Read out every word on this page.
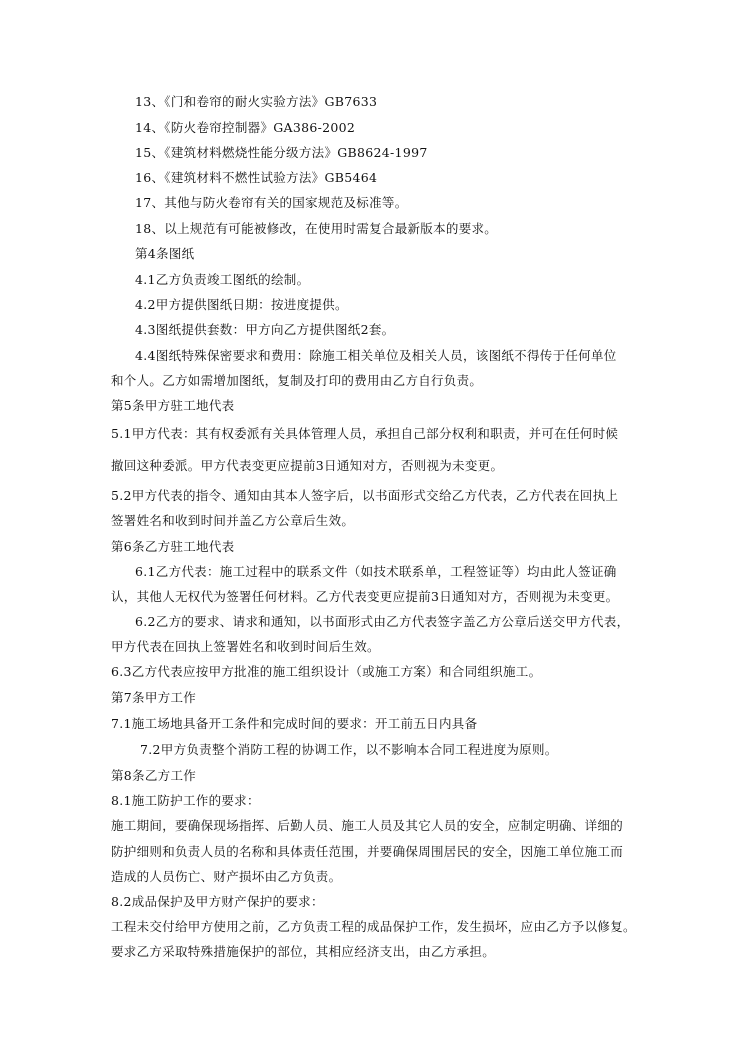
13、《门和卷帘的耐火实验方法》GB7633
14、《防火卷帘控制器》GA386-2002
15、《建筑材料燃烧性能分级方法》GB8624-1997
16、《建筑材料不燃性试验方法》GB5464
17、其他与防火卷帘有关的国家规范及标准等。
18、以上规范有可能被修改，在使用时需复合最新版本的要求。
第4条图纸
4.1乙方负责竣工图纸的绘制。
4.2甲方提供图纸日期：按进度提供。
4.3图纸提供套数：甲方向乙方提供图纸2套。
4.4图纸特殊保密要求和费用：除施工相关单位及相关人员，该图纸不得传于任何单位
和个人。乙方如需增加图纸，复制及打印的费用由乙方自行负责。
第5条甲方驻工地代表
5.1甲方代表：其有权委派有关具体管理人员，承担自己部分权利和职责，并可在任何时候
撤回这种委派。甲方代表变更应提前3日通知对方，否则视为未变更。
5.2甲方代表的指令、通知由其本人签字后，以书面形式交给乙方代表，乙方代表在回执上
签署姓名和收到时间并盖乙方公章后生效。
第6条乙方驻工地代表
6.1乙方代表：施工过程中的联系文件（如技术联系单，工程签证等）均由此人签证确
认，其他人无权代为签署任何材料。乙方代表变更应提前3日通知对方，否则视为未变更。
6.2乙方的要求、请求和通知，以书面形式由乙方代表签字盖乙方公章后送交甲方代表，
甲方代表在回执上签署姓名和收到时间后生效。
6.3乙方代表应按甲方批准的施工组织设计（或施工方案）和合同组织施工。
第7条甲方工作
7.1施工场地具备开工条件和完成时间的要求：开工前五日内具备
7.2甲方负责整个消防工程的协调工作，以不影响本合同工程进度为原则。
第8条乙方工作
8.1施工防护工作的要求：
施工期间，要确保现场指挥、后勤人员、施工人员及其它人员的安全，应制定明确、详细的
防护细则和负责人员的名称和具体责任范围，并要确保周围居民的安全，因施工单位施工而
造成的人员伤亡、财产损坏由乙方负责。
8.2成品保护及甲方财产保护的要求：
工程未交付给甲方使用之前，乙方负责工程的成品保护工作，发生损坏，应由乙方予以修复。
要求乙方采取特殊措施保护的部位，其相应经济支出，由乙方承担。
